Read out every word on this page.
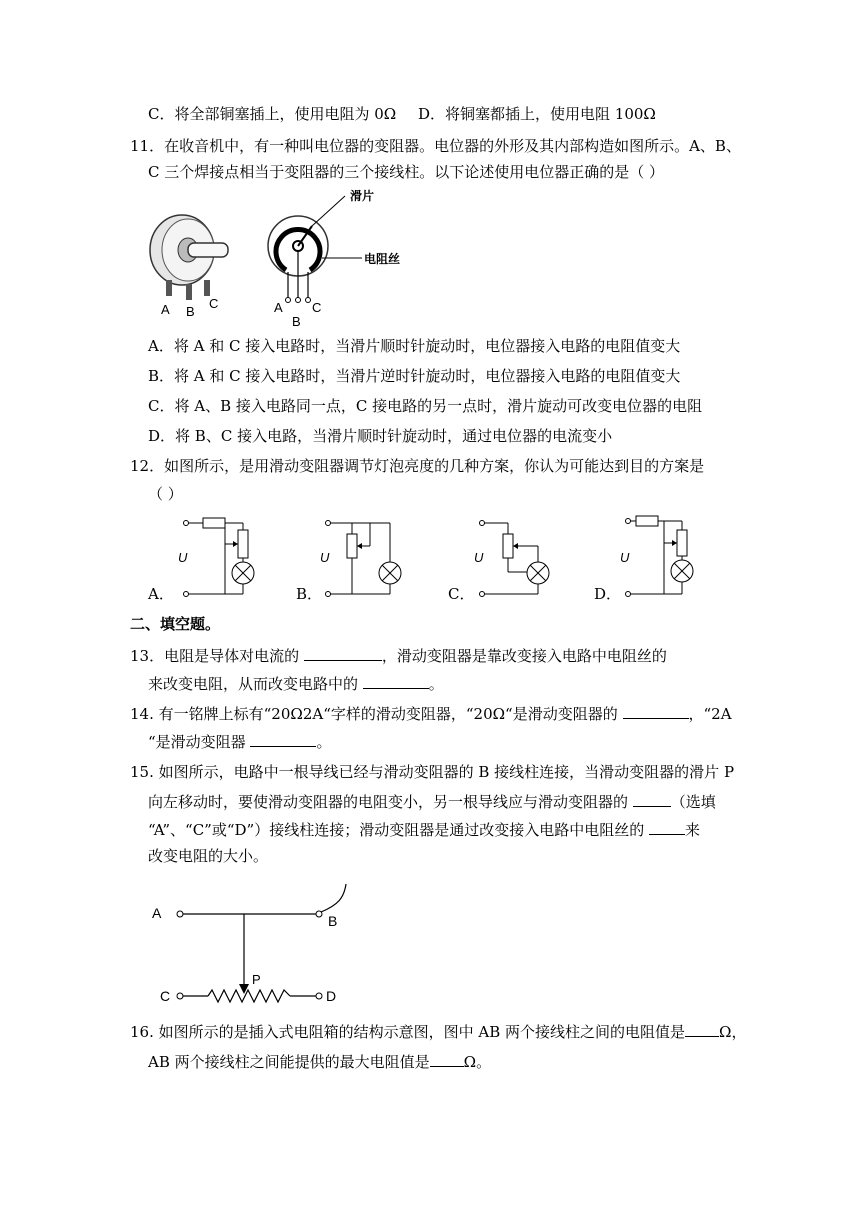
C．将全部铜塞插上，使用电阻为 0Ω D．将铜塞都插上，使用电阻 100Ω
11．在收音机中，有一种叫电位器的变阻器。电位器的外形及其内部构造如图所示。A、B、
C 三个焊接点相当于变阻器的三个接线柱。以下论述使用电位器正确的是（ ）
A B
C
滑片
电阻丝
A
B
C
A．将 A 和 C 接入电路时，当滑片顺时针旋动时，电位器接入电路的电阻值变大
B．将 A 和 C 接入电路时，当滑片逆时针旋动时，电位器接入电路的电阻值变大
C．将 A、B 接入电路同一点，C 接电路的另一点时，滑片旋动可改变电位器的电阻
D．将 B、C 接入电路，当滑片顺时针旋动时，通过电位器的电流变小
12．如图所示，是用滑动变阻器调节灯泡亮度的几种方案，你认为可能达到目的方案是
（ ）
U
A．
U
B．
U
C．
U
D．
二、填空题。
13．电阻是导体对电流的	，滑动变阻器是靠改变接入电路中电阻丝的
来改变电阻，从而改变电路中的	。
14. 有一铭牌上标有“20Ω2A“字样的滑动变阻器，“20Ω“是滑动变阻器的	，“2A
“是滑动变阻器	。
15. 如图所示，电路中一根导线已经与滑动变阻器的 B 接线柱连接，当滑动变阻器的滑片 P
向左移动时，要使滑动变阻器的电阻变小，另一根导线应与滑动变阻器的	（选填
“A”、“C”或“D”）接线柱连接；滑动变阻器是通过改变接入电路中电阻丝的	来
改变电阻的大小。
A	B
P
C	D
16. 如图所示的是插入式电阻箱的结构示意图，图中 AB 两个接线柱之间的电阻值是 Ω，
AB 两个接线柱之间能提供的最大电阻值是 Ω。
